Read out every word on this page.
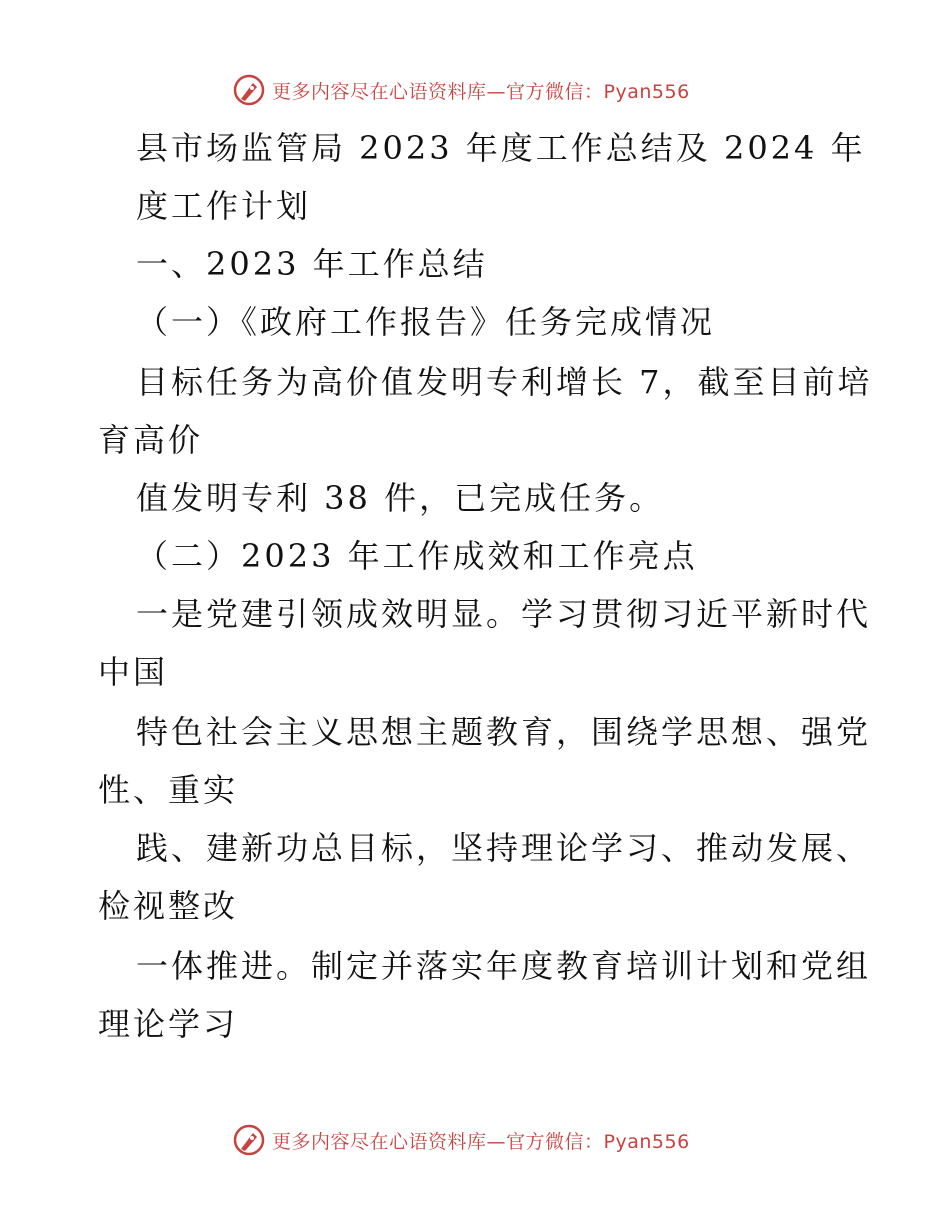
更多内容尽在心语资料库—官方微信：Pyan556
县市场监管局 2023 年度工作总结及 2024 年
度工作计划
一、2023 年工作总结
（一）《政府工作报告》任务完成情况
目标任务为高价值发明专利增长 7，截至目前培
育高价
值发明专利 38 件，已完成任务。
（二）2023 年工作成效和工作亮点
一是党建引领成效明显。学习贯彻习近平新时代
中国
特色社会主义思想主题教育，围绕学思想、强党
性、重实
践、建新功总目标，坚持理论学习、推动发展、
检视整改
一体推进。制定并落实年度教育培训计划和党组
理论学习
更多内容尽在心语资料库—官方微信：Pyan556
